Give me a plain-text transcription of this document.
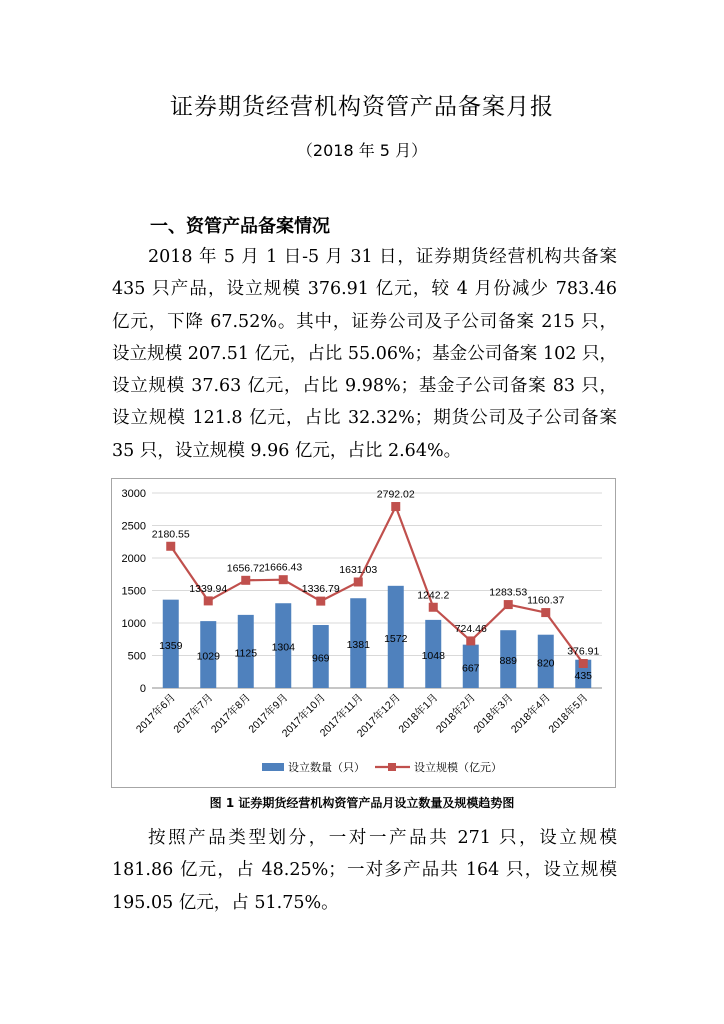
证券期货经营机构资管产品备案月报
（2018 年 5 月）
一、资管产品备案情况
2018 年 5 月 1 日-5 月 31 日，证券期货经营机构共备案
435 只产品，设立规模 376.91 亿元，较 4 月份减少 783.46
亿元，下降 67.52%。其中，证券公司及子公司备案 215 只，
设立规模 207.51 亿元，占比 55.06%；基金公司备案 102 只，
设立规模 37.63 亿元，占比 9.98%；基金子公司备案 83 只，
设立规模 121.8 亿元，占比 32.32%；期货公司及子公司备案
35 只，设立规模 9.96 亿元，占比 2.64%。
0
500
1000
1500
2000
2500
3000
1359
1029 1125 1304
969
1381
1572
1048
667
889 820
435
2180.55
1339.94
1656.72 1666.43
1336.79
1631.03
2792.02
1242.2
724.46
1283.53
1160.37
376.91
2017年6月
2017年7月
2017年8月
2017年9月
2017年10月
2017年11月
2017年12月
2018年1月
2018年2月
2018年3月
2018年4月
2018年5月
设立数量（只）	设立规模（亿元）
图 1 证券期货经营机构资管产品月设立数量及规模趋势图
按照产品类型划分，一对一产品共 271 只，设立规模
181.86 亿元，占 48.25%；一对多产品共 164 只，设立规模
195.05 亿元，占 51.75%。
